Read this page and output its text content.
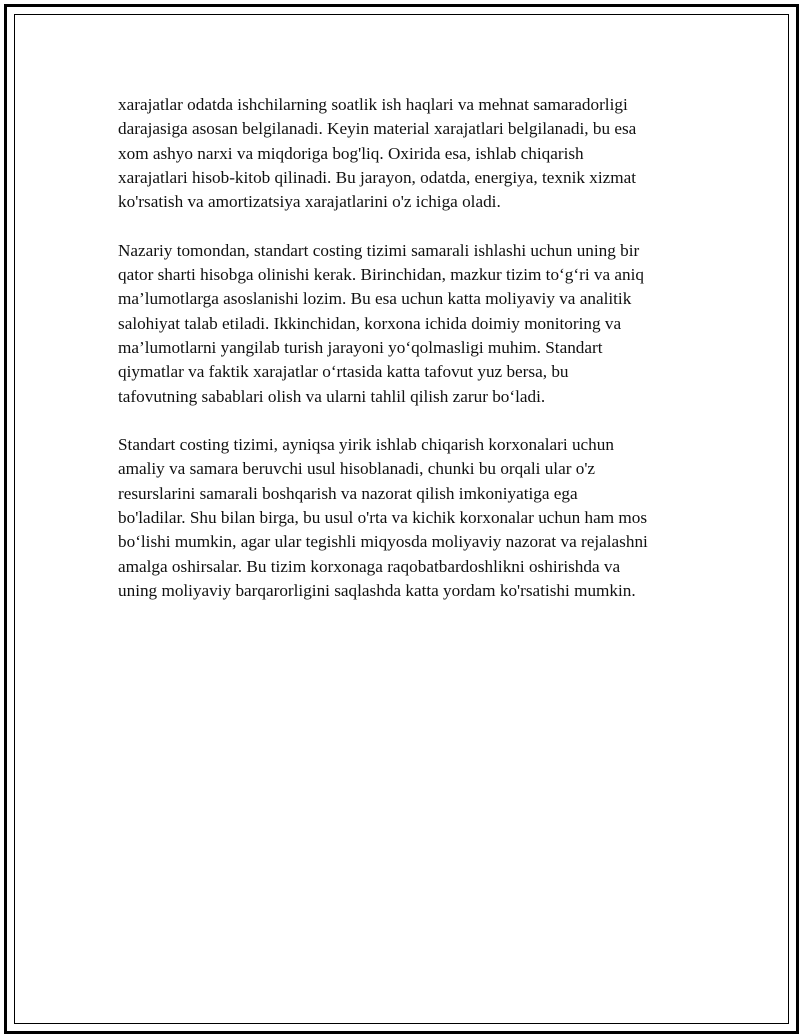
xarajatlar odatda ishchilarning soatlik ish haqlari va mehnat samaradorligi
darajasiga asosan belgilanadi. Keyin material xarajatlari belgilanadi, bu esa
xom ashyo narxi va miqdoriga bog'liq. Oxirida esa, ishlab chiqarish
xarajatlari hisob-kitob qilinadi. Bu jarayon, odatda, energiya, texnik xizmat
ko'rsatish va amortizatsiya xarajatlarini o'z ichiga oladi.

Nazariy tomondan, standart costing tizimi samarali ishlashi uchun uning bir
qator sharti hisobga olinishi kerak. Birinchidan, mazkur tizim to‘g‘ri va aniq
ma’lumotlarga asoslanishi lozim. Bu esa uchun katta moliyaviy va analitik
salohiyat talab etiladi. Ikkinchidan, korxona ichida doimiy monitoring va
ma’lumotlarni yangilab turish jarayoni yo‘qolmasligi muhim. Standart
qiymatlar va faktik xarajatlar o‘rtasida katta tafovut yuz bersa, bu
tafovutning sabablari olish va ularni tahlil qilish zarur bo‘ladi.

Standart costing tizimi, ayniqsa yirik ishlab chiqarish korxonalari uchun
amaliy va samara beruvchi usul hisoblanadi, chunki bu orqali ular o'z
resurslarini samarali boshqarish va nazorat qilish imkoniyatiga ega
bo'ladilar. Shu bilan birga, bu usul o'rta va kichik korxonalar uchun ham mos
bo‘lishi mumkin, agar ular tegishli miqyosda moliyaviy nazorat va rejalashni
amalga oshirsalar. Bu tizim korxonaga raqobatbardoshlikni oshirishda va
uning moliyaviy barqarorligini saqlashda katta yordam ko'rsatishi mumkin.
